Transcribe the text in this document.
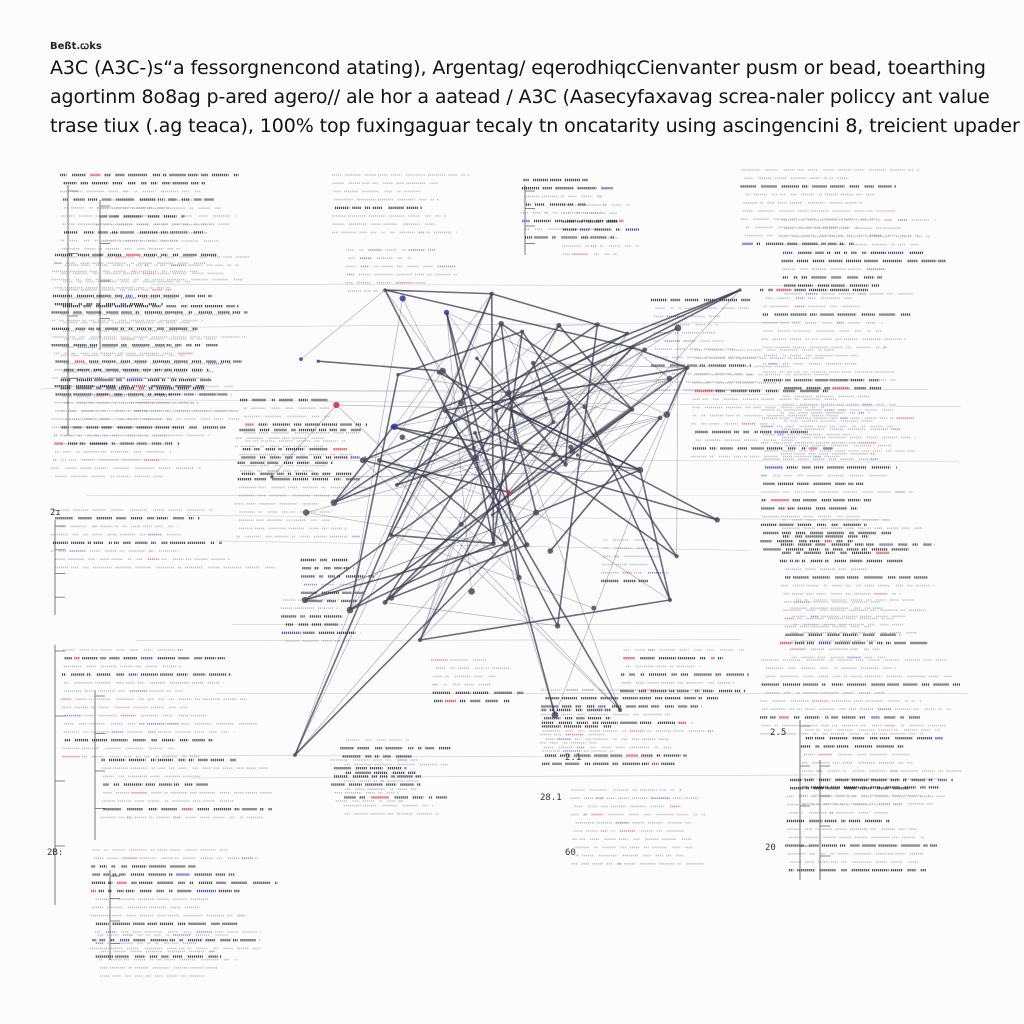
Beßt.ꞷks
A3C (A3C-)s“a fessorgnencond atating), Argentag/ eqerodhiqcCienvanter pusm or bead, toearthing
agortinm 8o8ag p-ared agero// ale hor a aatead / A3C (Aasecyfaxavag screa-naler policcy ant value
trase tiux (.ag teaca), 100% top fuxingaguar tecaly tn oncatarity using ascingencini 8, treicient upader
2.1
60
2.5
20
2ɪ
28.1
2B:
